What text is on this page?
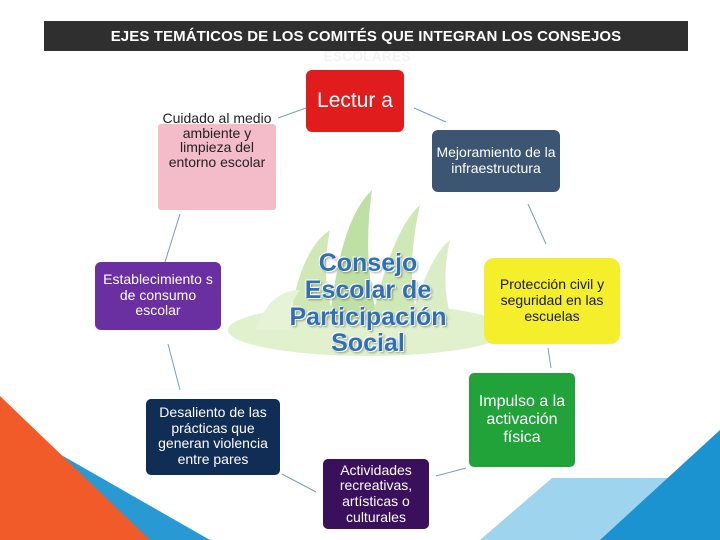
EJES TEMÁTICOS DE LOS COMITÉS QUE INTEGRAN LOS CONSEJOS
ESCOLARES
Lectur a
Cuidado al medio ambiente y limpieza del entorno escolar
Mejoramiento de la infraestructura
Establecimiento s de consumo escolar
Protección civil y seguridad en las escuelas
Desaliento de las prácticas que generan violencia entre pares
Impulso a la activación física
Actividades recreativas, artísticas o culturales
Consejo
Escolar de
Participación
Social
